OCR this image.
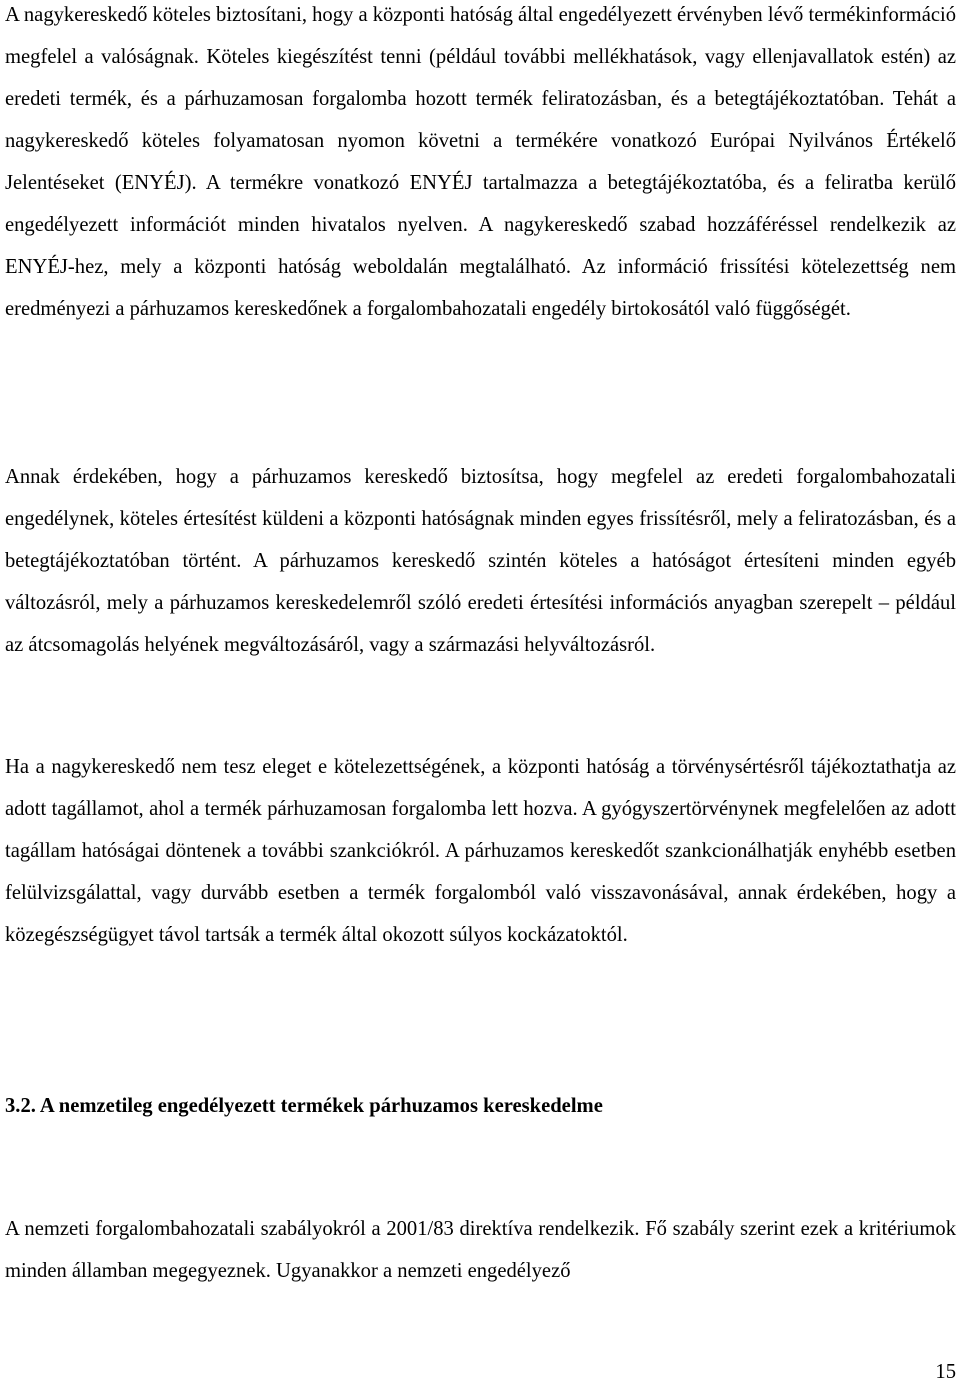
A nagykereskedő köteles biztosítani, hogy a központi hatóság által engedélyezett érvényben lévő termékinformáció megfelel a valóságnak. Köteles kiegészítést tenni (például további mellékhatások, vagy ellenjavallatok estén) az eredeti termék, és a párhuzamosan forgalomba hozott termék feliratozásban, és a betegtájékoztatóban. Tehát a nagykereskedő köteles folyamatosan nyomon követni a termékére vonatkozó Európai Nyilvános Értékelő Jelentéseket (ENYÉJ). A termékre vonatkozó ENYÉJ tartalmazza a betegtájékoztatóba, és a feliratba kerülő engedélyezett információt minden hivatalos nyelven. A nagykereskedő szabad hozzáféréssel rendelkezik az ENYÉJ-hez, mely a központi hatóság weboldalán megtalálható. Az információ frissítési kötelezettség nem eredményezi a párhuzamos kereskedőnek a forgalombahozatali engedély birtokosától való függőségét.

Annak érdekében, hogy a párhuzamos kereskedő biztosítsa, hogy megfelel az eredeti forgalombahozatali engedélynek, köteles értesítést küldeni a központi hatóságnak minden egyes frissítésről, mely a feliratozásban, és a betegtájékoztatóban történt. A párhuzamos kereskedő szintén köteles a hatóságot értesíteni minden egyéb változásról, mely a párhuzamos kereskedelemről szóló eredeti értesítési információs anyagban szerepelt – például az átcsomagolás helyének megváltozásáról, vagy a származási helyváltozásról.

Ha a nagykereskedő nem tesz eleget e kötelezettségének, a központi hatóság a törvénysértésről tájékoztathatja az adott tagállamot, ahol a termék párhuzamosan forgalomba lett hozva. A gyógyszertörvénynek megfelelően az adott tagállam hatóságai döntenek a további szankciókról. A párhuzamos kereskedőt szankcionálhatják enyhébb esetben felülvizsgálattal, vagy durvább esetben a termék forgalomból való visszavonásával, annak érdekében, hogy a közegészségügyet távol tartsák a termék által okozott súlyos kockázatoktól.

3.2. A nemzetileg engedélyezett termékek párhuzamos kereskedelme

A nemzeti forgalombahozatali szabályokról a 2001/83 direktíva rendelkezik. Fő szabály szerint ezek a kritériumok minden államban megegyeznek. Ugyanakkor a nemzeti engedélyező

15
